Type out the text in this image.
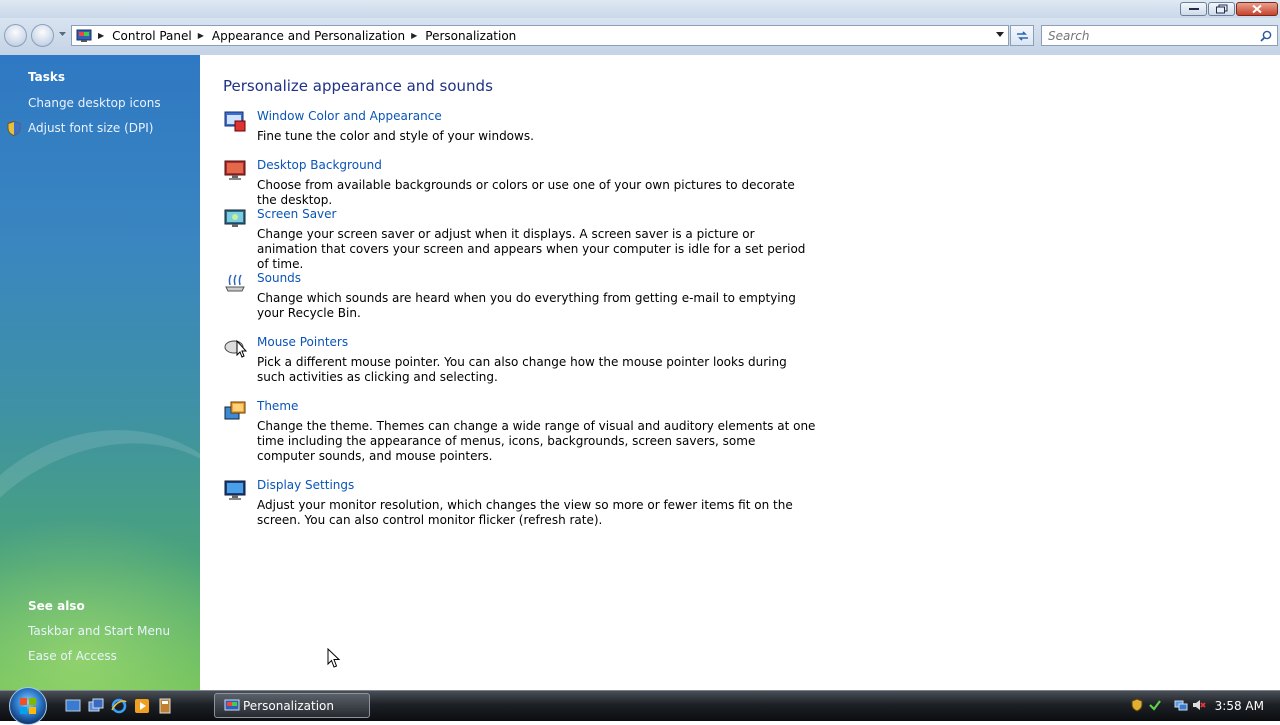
▶ Control Panel ▶ Appearance and Personalization ▶ Personalization
Search
Tasks
Change desktop icons
Adjust font size (DPI)
See also
Taskbar and Start Menu
Ease of Access
Personalize appearance and sounds
Window Color and Appearance
Fine tune the color and style of your windows.
Desktop Background
Choose from available backgrounds or colors or use one of your own pictures to decorate the desktop.
Screen Saver
Change your screen saver or adjust when it displays. A screen saver is a picture or animation that covers your screen and appears when your computer is idle for a set period of time.
Sounds
Change which sounds are heard when you do everything from getting e-mail to emptying your Recycle Bin.
Mouse Pointers
Pick a different mouse pointer. You can also change how the mouse pointer looks during such activities as clicking and selecting.
Theme
Change the theme. Themes can change a wide range of visual and auditory elements at one time including the appearance of menus, icons, backgrounds, screen savers, some computer sounds, and mouse pointers.
Display Settings
Adjust your monitor resolution, which changes the view so more or fewer items fit on the screen. You can also control monitor flicker (refresh rate).
Personalization	3:58 AM
